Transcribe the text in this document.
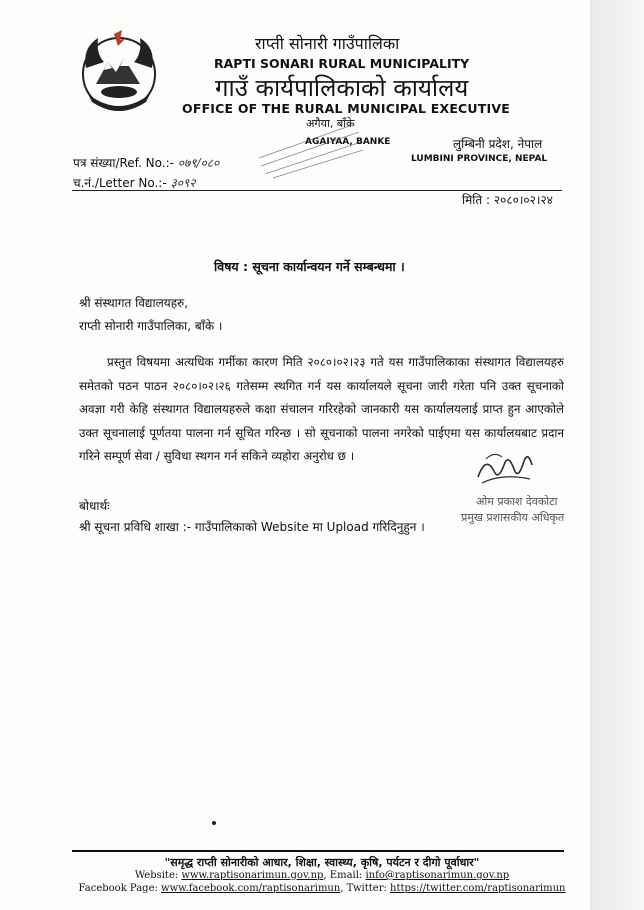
राप्ती सोनारी गाउँपालिका
RAPTI SONARI RURAL MUNICIPALITY
गाउँ कार्यपालिकाको कार्यालय
OFFICE OF THE RURAL MUNICIPAL EXECUTIVE
अगैया, बाँके
AGAIYAA, BANKE	लुम्बिनी प्रदेश, नेपाल
LUMBINI PROVINCE, NEPAL
पत्र संख्या/Ref. No.:- ०७९/०८०
च.नं./Letter No.:- ३०९२
मिति : २०८०।०२।२४
विषय : सूचना कार्यान्वयन गर्ने सम्बन्धमा ।
श्री संस्थागत विद्यालयहरु,
राप्ती सोनारी गाउँपालिका, बाँके ।
प्रस्तुत विषयमा अत्यधिक गर्मीका कारण मिति २०८०।०२।२३ गते यस गाउँपालिकाका संस्थागत विद्यालयहरु समेतको पठन पाठन २०८०।०२।२६ गतेसम्म स्थगित गर्न यस कार्यालयले सूचना जारी गरेता पनि उक्त सूचनाको अवज्ञा गरी केहि संस्थागत विद्यालयहरुले कक्षा संचालन गरिरहेको जानकारी यस कार्यालयलाई प्राप्त हुन आएकोले उक्त सूचनालाई पूर्णतया पालना गर्न सूचित गरिन्छ । सो सूचनाको पालना नगरेको पाईएमा यस कार्यालयबाट प्रदान गरिने सम्पूर्ण सेवा / सुविधा स्थगन गर्न सकिने व्यहोरा अनुरोध छ ।
ओम प्रकाश देवकोटा
प्रमुख प्रशासकीय अधिकृत
बोधार्थः
श्री सूचना प्रविधि शाखा :- गाउँपालिकाको Website मा Upload गरिदिनुहुन ।
"समृद्ध राप्ती सोनारीको आधार, शिक्षा, स्वास्थ्य, कृषि, पर्यटन र दीगो पूर्वाधार"
Website: www.raptisonarimun.gov.np, Email: info@raptisonarimun.gov.np
Facebook Page: www.facebook.com/raptisonarimun, Twitter: https://twitter.com/raptisonarimun
